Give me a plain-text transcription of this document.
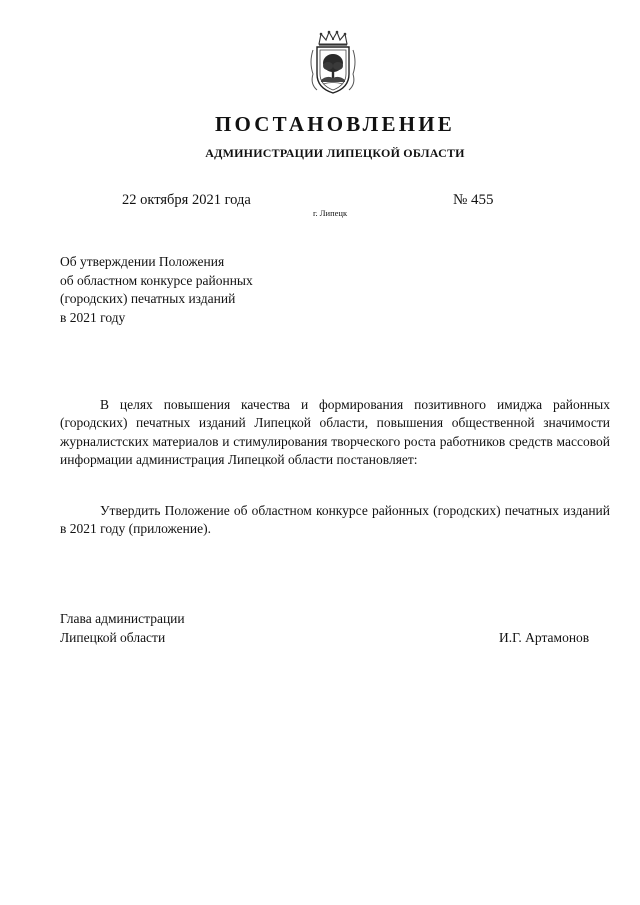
ПОСТАНОВЛЕНИЕ
АДМИНИСТРАЦИИ ЛИПЕЦКОЙ ОБЛАСТИ
22 октября 2021 года
г. Липецк
№ 455
Об утверждении Положения
об областном конкурсе районных
(городских) печатных изданий
в 2021 году

В целях повышения качества и формирования позитивного имиджа районных (городских) печатных изданий Липецкой области, повышения общественной значимости журналистских материалов и стимулирования творческого роста работников средств массовой информации администрация Липецкой области постановляет:

Утвердить Положение об областном конкурсе районных (городских) печатных изданий в 2021 году (приложение).

Глава администрации
Липецкой области	И.Г. Артамонов
